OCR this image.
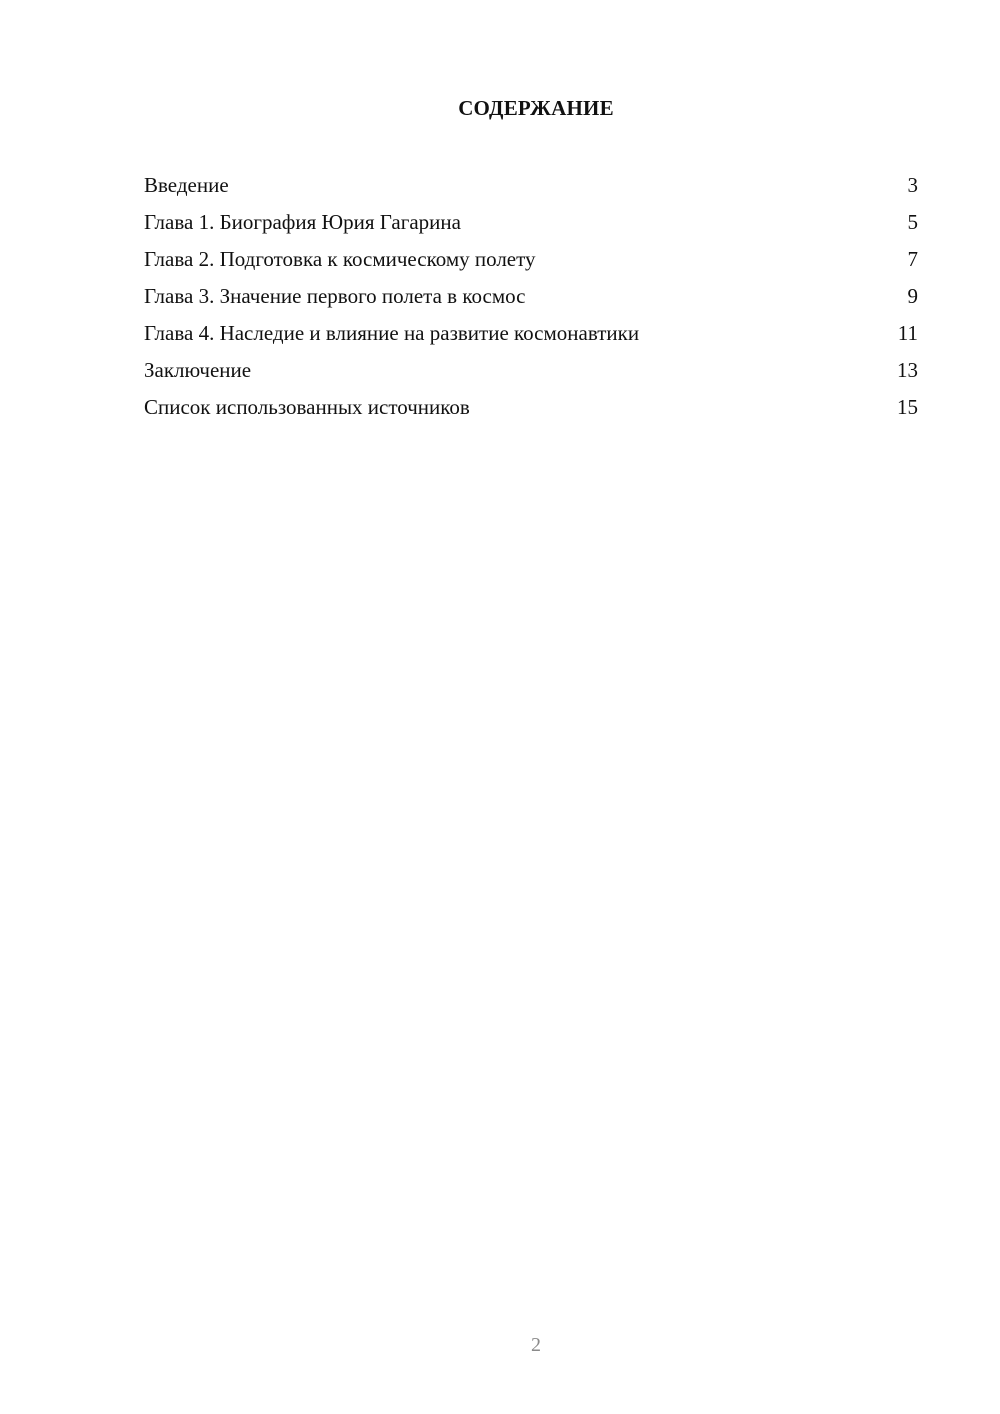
СОДЕРЖАНИЕ
Введение	3
Глава 1. Биография Юрия Гагарина	5
Глава 2. Подготовка к космическому полету	7
Глава 3. Значение первого полета в космос	9
Глава 4. Наследие и влияние на развитие космонавтики	11
Заключение	13
Список использованных источников	15
2
